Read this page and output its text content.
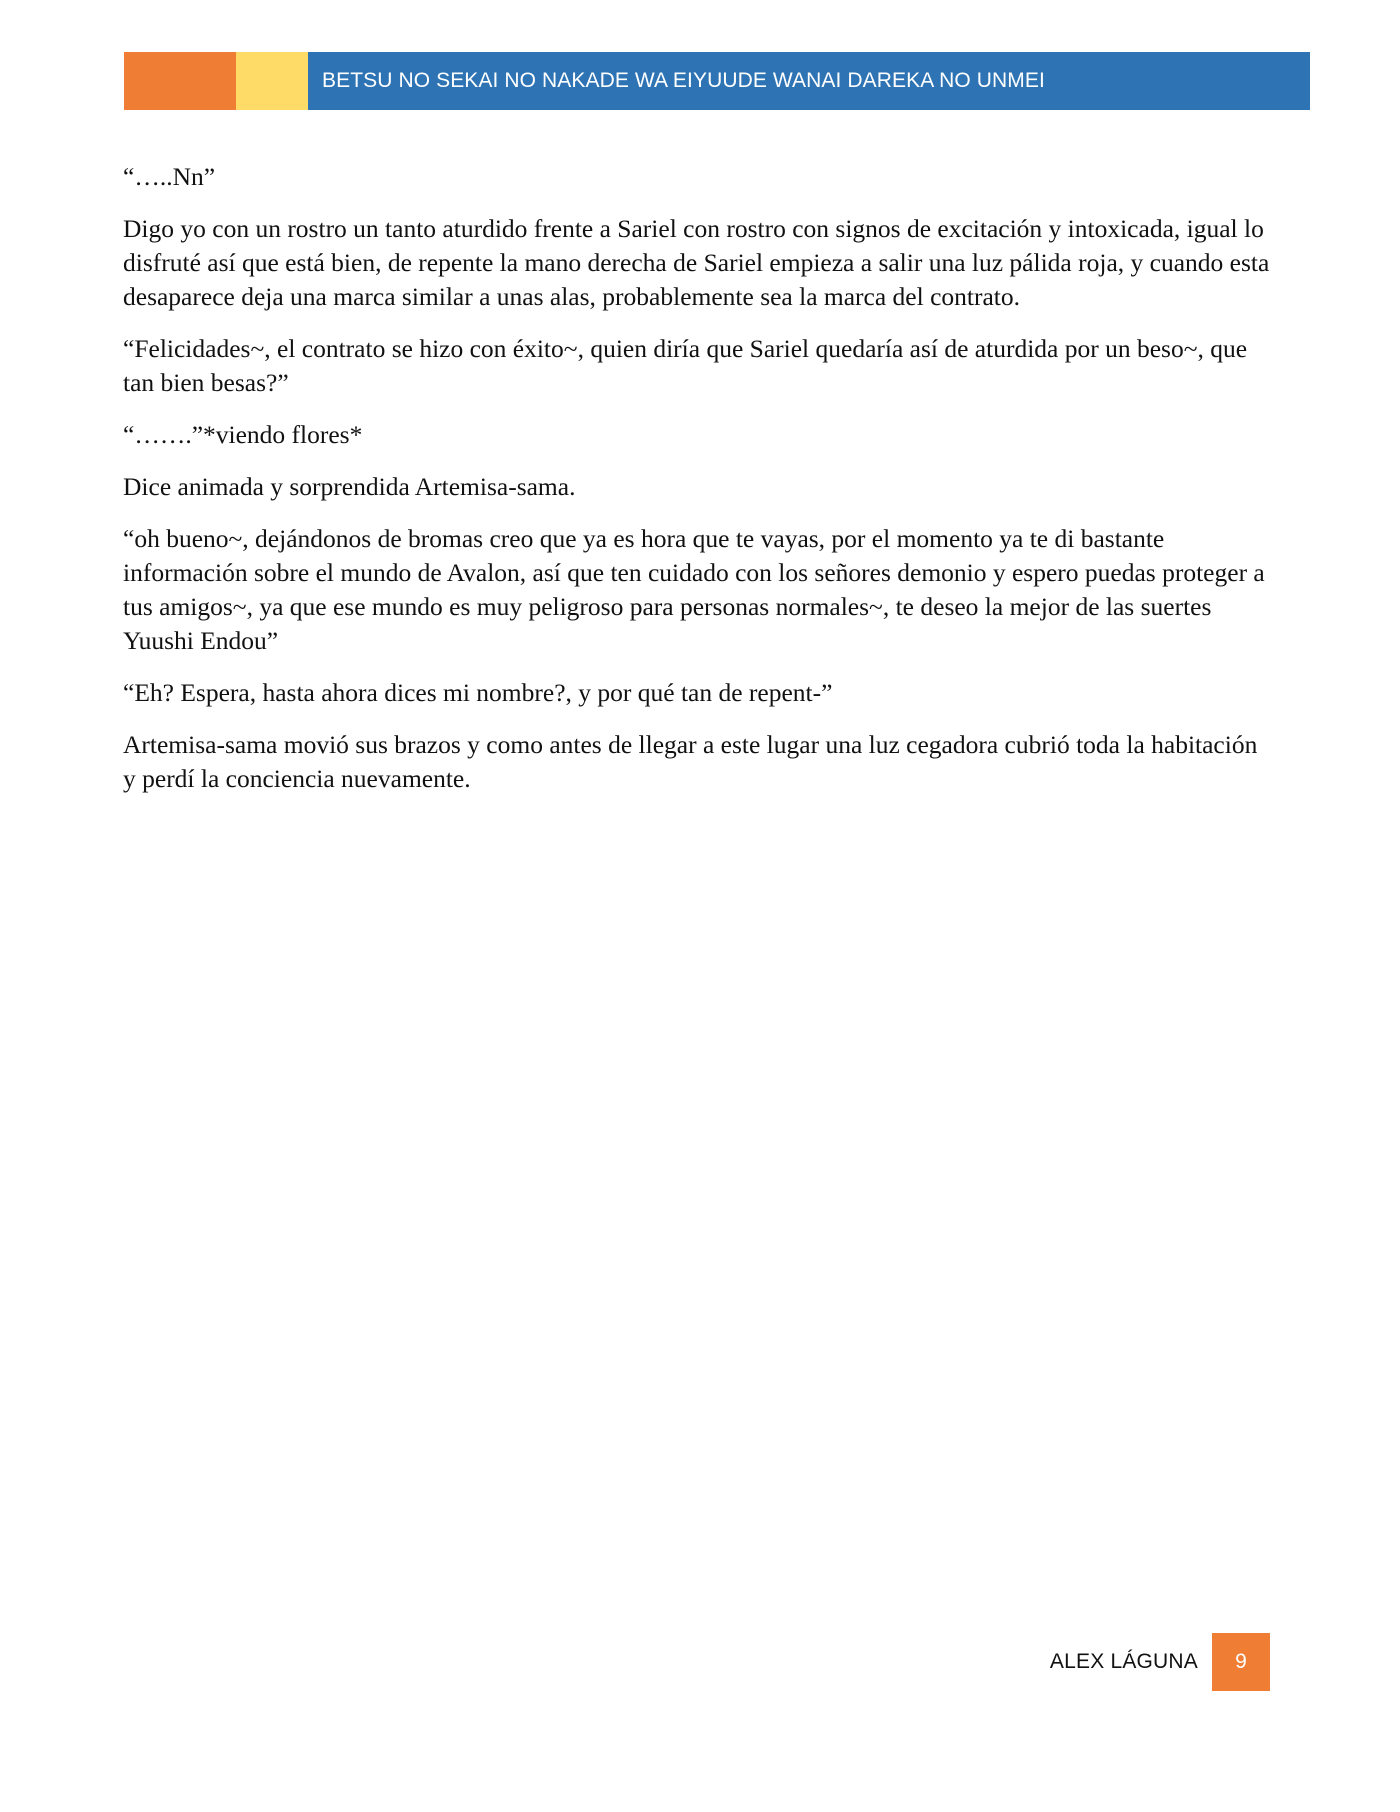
BETSU NO SEKAI NO NAKADE WA EIYUUDE WANAI DAREKA NO UNMEI

“…..Nn”

Digo yo con un rostro un tanto aturdido frente a Sariel con rostro con signos de excitación y intoxicada, igual lo disfruté así que está bien, de repente la mano derecha de Sariel empieza a salir una luz pálida roja, y cuando esta desaparece deja una marca similar a unas alas, probablemente sea la marca del contrato.

“Felicidades~, el contrato se hizo con éxito~, quien diría que Sariel quedaría así de aturdida por un beso~, que tan bien besas?”

“…….”*viendo flores*

Dice animada y sorprendida Artemisa-sama.

“oh bueno~, dejándonos de bromas creo que ya es hora que te vayas, por el momento ya te di bastante información sobre el mundo de Avalon, así que ten cuidado con los señores demonio y espero puedas proteger a tus amigos~, ya que ese mundo es muy peligroso para personas normales~, te deseo la mejor de las suertes Yuushi Endou”

“Eh? Espera, hasta ahora dices mi nombre?, y por qué tan de repent-”

Artemisa-sama movió sus brazos y como antes de llegar a este lugar una luz cegadora cubrió toda la habitación y perdí la conciencia nuevamente.

ALEX LÁGUNA	9
